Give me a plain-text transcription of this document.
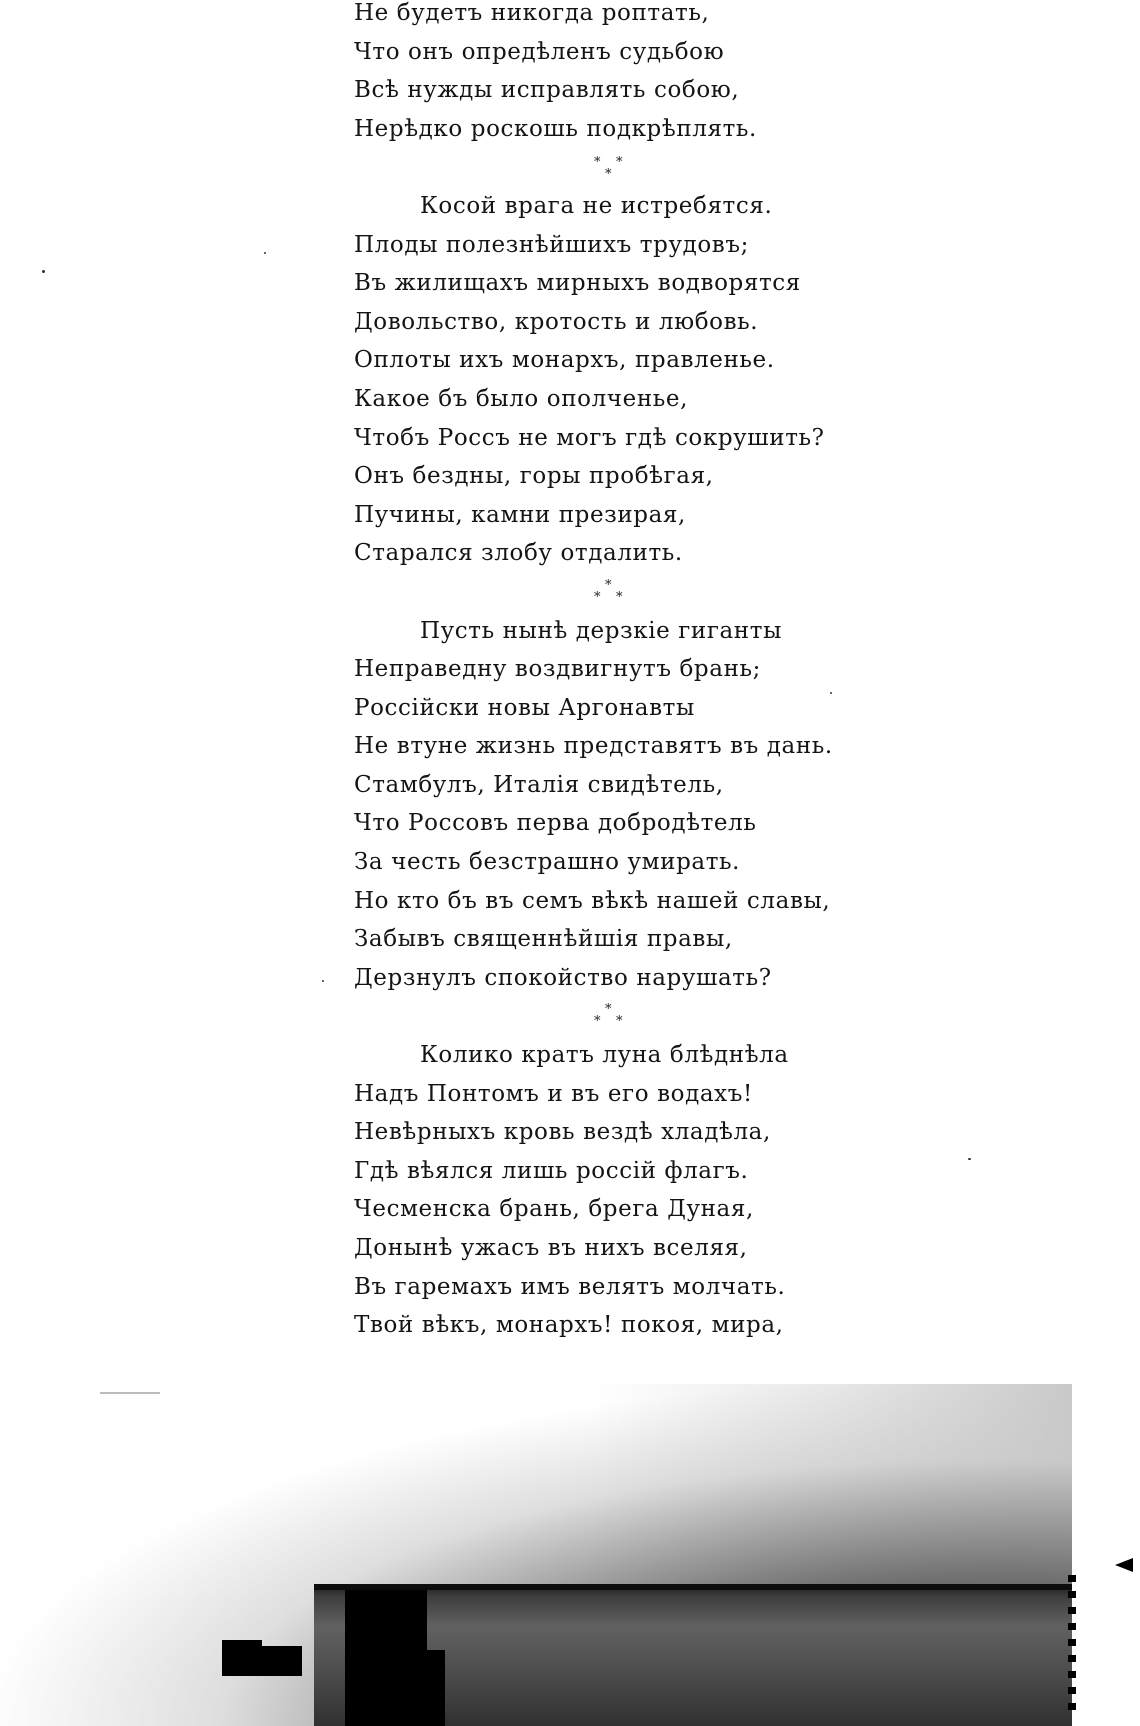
Не будетъ никогда роптать,
Что онъ опредѣленъ судьбою
Всѣ нужды исправлять собою,
Нерѣдко роскошь подкрѣплять.
* *
*
Косой врага не истребятся.
Плоды полезнѣйшихъ трудовъ;
Въ жилищахъ мирныхъ водворятся
Довольство, кротость и любовь.
Оплоты ихъ монархъ, правленье.
Какое бъ было ополченье,
Чтобъ Россъ не могъ гдѣ сокрушить?
Онъ бездны, горы пробѣгая,
Пучины, камни презирая,
Старался злобу отдалить.
*
* *
Пусть нынѣ дерзкіе гиганты
Неправедну воздвигнутъ брань;
Россійски новы Аргонавты
Не втуне жизнь представятъ въ дань.
Стамбулъ, Италія свидѣтель,
Что Россовъ перва добродѣтель
За честь безстрашно умирать.
Но кто бъ въ семъ вѣкѣ нашей славы,
Забывъ священнѣйшія правы,
Дерзнулъ спокойство нарушать?
*
* *
Колико кратъ луна блѣднѣла
Надъ Понтомъ и въ его водахъ!
Невѣрныхъ кровь вездѣ хладѣла,
Гдѣ вѣялся лишь россій флагъ.
Чесменска брань, брега Дуная,
Донынѣ ужасъ въ нихъ вселяя,
Въ гаремахъ имъ велятъ молчать.
Твой вѣкъ, монархъ! покоя, мира,
